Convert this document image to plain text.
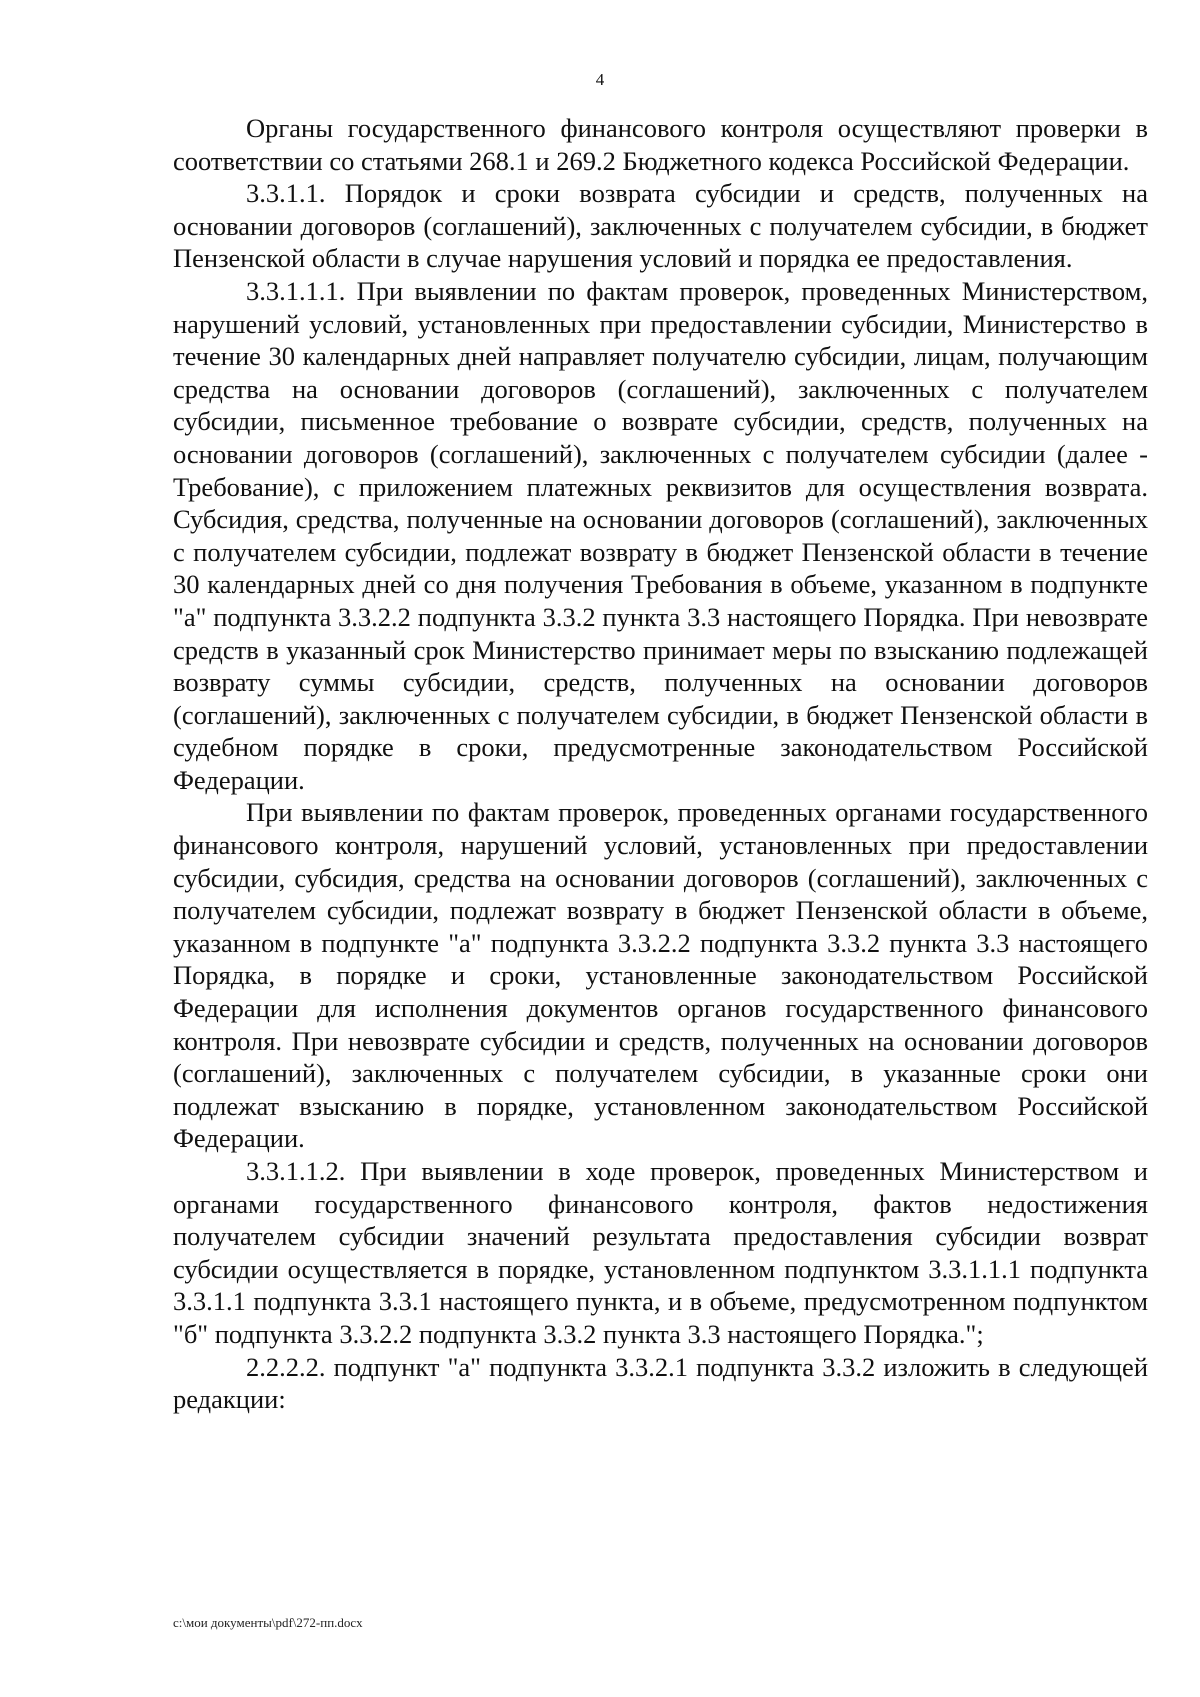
4

Органы государственного финансового контроля осуществляют проверки в соответствии со статьями 268.1 и 269.2 Бюджетного кодекса Российской Федерации.

3.3.1.1. Порядок и сроки возврата субсидии и средств, полученных на основании договоров (соглашений), заключенных с получателем субсидии, в бюджет Пензенской области в случае нарушения условий и порядка ее предоставления.

3.3.1.1.1. При выявлении по фактам проверок, проведенных Министерством, нарушений условий, установленных при предоставлении субсидии, Министерство в течение 30 календарных дней направляет получателю субсидии, лицам, получающим средства на основании договоров (соглашений), заключенных с получателем субсидии, письменное требование о возврате субсидии, средств, полученных на основании договоров (соглашений), заключенных с получателем субсидии (далее - Требование), с приложением платежных реквизитов для осуществления возврата. Субсидия, средства, полученные на основании договоров (соглашений), заключенных с получателем субсидии, подлежат возврату в бюджет Пензенской области в течение 30 календарных дней со дня получения Требования в объеме, указанном в подпункте "а" подпункта 3.3.2.2 подпункта 3.3.2 пункта 3.3 настоящего Порядка. При невозврате средств в указанный срок Министерство принимает меры по взысканию подлежащей возврату суммы субсидии, средств, полученных на основании договоров (соглашений), заключенных с получателем субсидии, в бюджет Пензенской области в судебном порядке в сроки, предусмотренные законодательством Российской Федерации.

При выявлении по фактам проверок, проведенных органами государственного финансового контроля, нарушений условий, установленных при предоставлении субсидии, субсидия, средства на основании договоров (соглашений), заключенных с получателем субсидии, подлежат возврату в бюджет Пензенской области в объеме, указанном в подпункте "а" подпункта 3.3.2.2 подпункта 3.3.2 пункта 3.3 настоящего Порядка, в порядке и сроки, установленные законодательством Российской Федерации для исполнения документов органов государственного финансового контроля. При невозврате субсидии и средств, полученных на основании договоров (соглашений), заключенных с получателем субсидии, в указанные сроки они подлежат взысканию в порядке, установленном законодательством Российской Федерации.

3.3.1.1.2. При выявлении в ходе проверок, проведенных Министерством и органами государственного финансового контроля, фактов недостижения получателем субсидии значений результата предоставления субсидии возврат субсидии осуществляется в порядке, установленном подпунктом 3.3.1.1.1 подпункта 3.3.1.1 подпункта 3.3.1 настоящего пункта, и в объеме, предусмотренном подпунктом "б" подпункта 3.3.2.2 подпункта 3.3.2 пункта 3.3 настоящего Порядка.";

2.2.2.2. подпункт "а" подпункта 3.3.2.1 подпункта 3.3.2 изложить в следующей редакции:

c:\мои документы\pdf\272-пп.docx
